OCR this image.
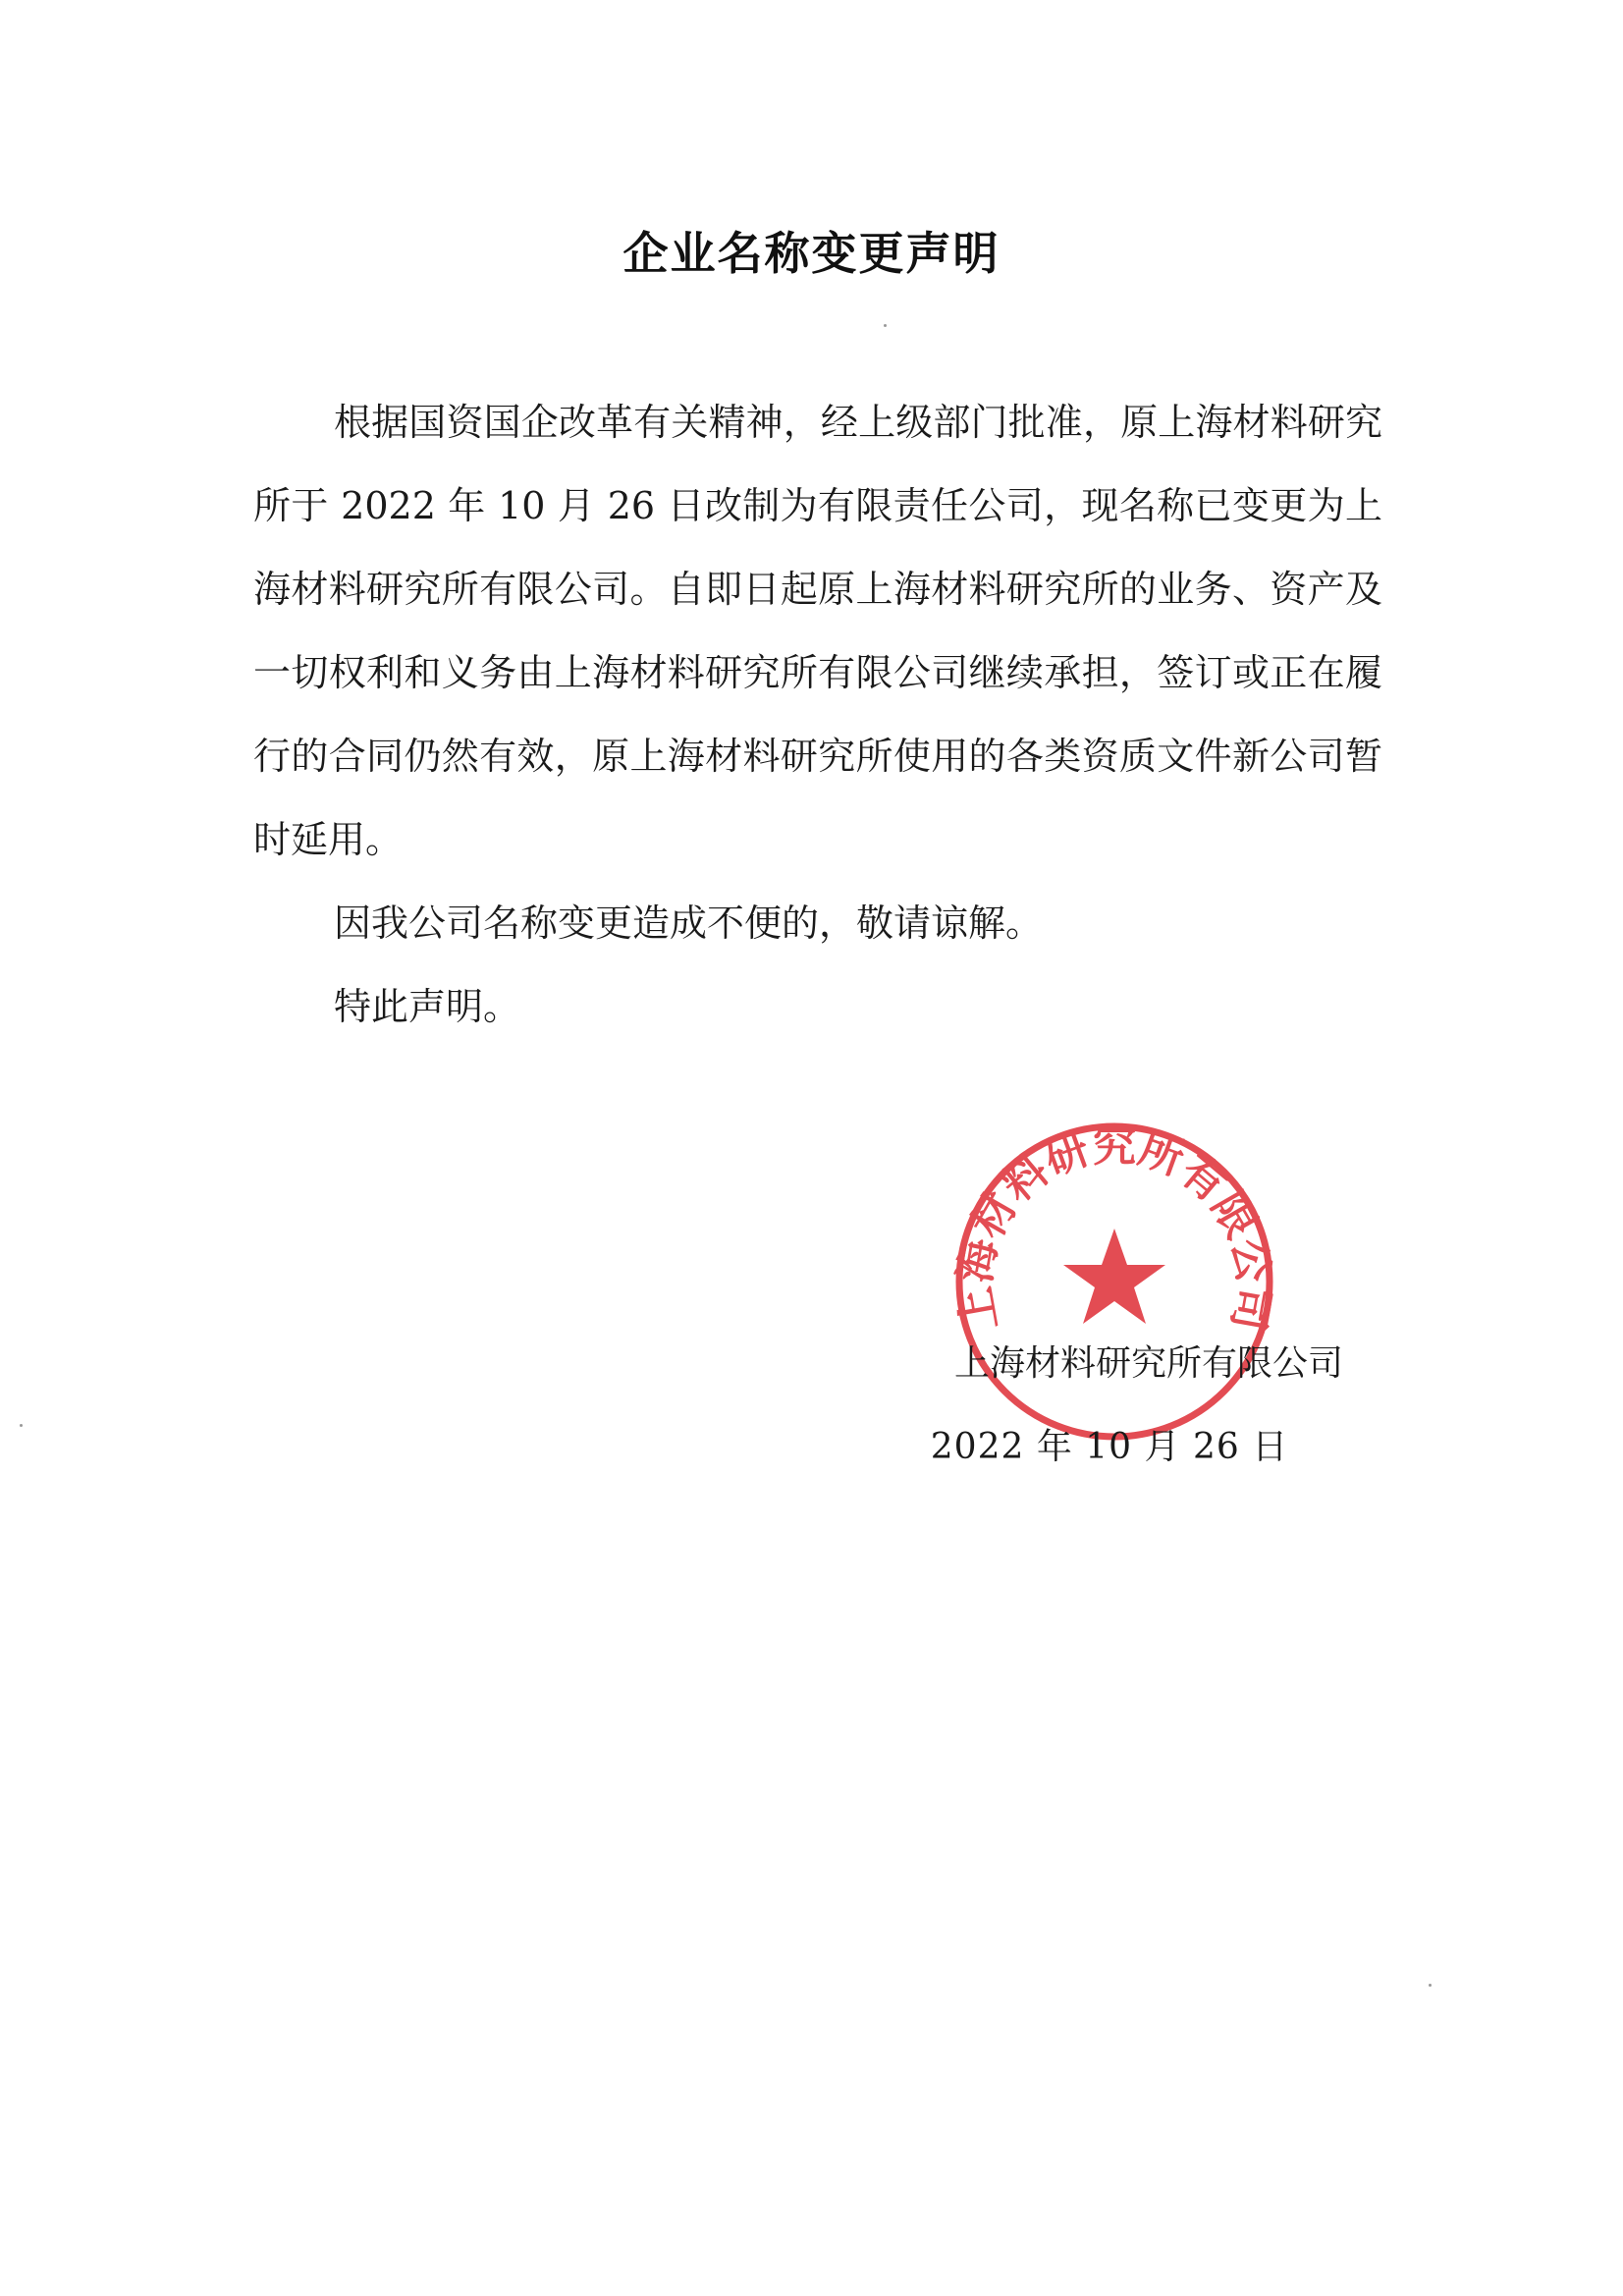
企业名称变更声明

根据国资国企改革有关精神，经上级部门批准，原上海材料研究所于 2022 年 10 月 26 日改制为有限责任公司，现名称已变更为上海材料研究所有限公司。自即日起原上海材料研究所的业务、资产及一切权利和义务由上海材料研究所有限公司继续承担，签订或正在履行的合同仍然有效，原上海材料研究所使用的各类资质文件新公司暂时延用。

因我公司名称变更造成不便的，敬请谅解。

特此声明。

上海材料研究所有限公司
上海材料研究所有限公司
2022 年 10 月 26 日
